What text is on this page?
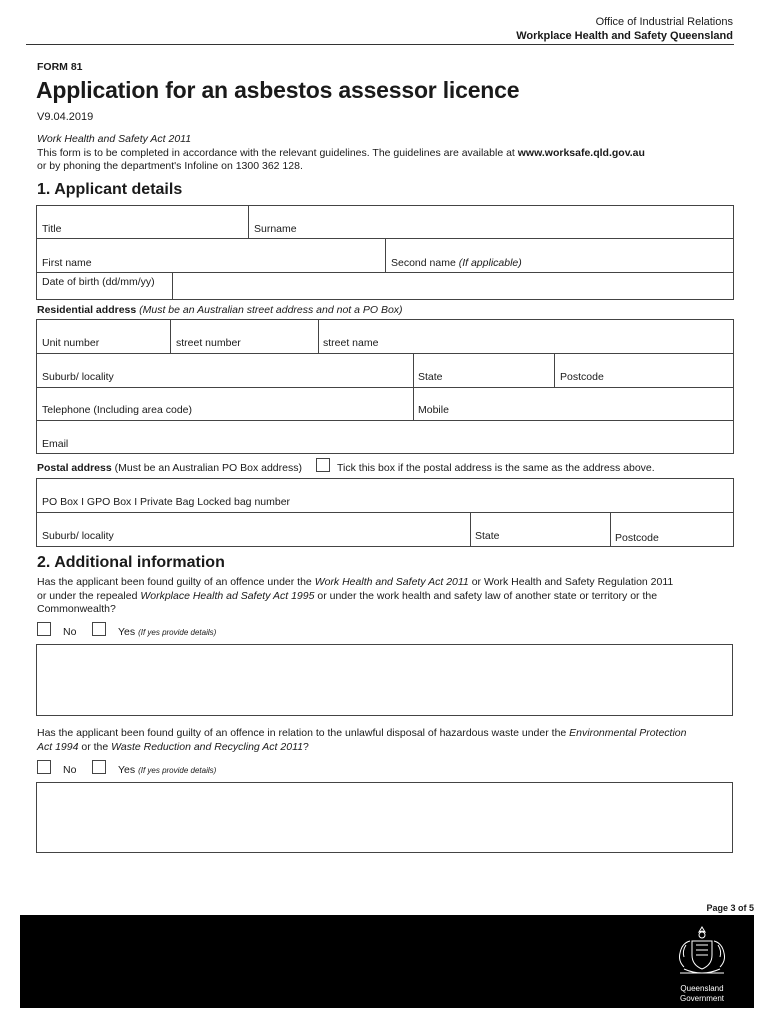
Office of Industrial Relations
Workplace Health and Safety Queensland
FORM 81
Application for an asbestos assessor licence
V9.04.2019
Work Health and Safety Act 2011
This form is to be completed in accordance with the relevant guidelines. The guidelines are available at www.worksafe.qld.gov.au
or by phoning the department's Infoline on 1300 362 128.
1. Applicant details
Title	Surname
First name	Second name (If applicable)
Date of birth (dd/mm/yy)
Residential address (Must be an Australian street address and not a PO Box)
Unit number	street number	street name
Suburb/ locality	State	Postcode
Telephone (Including area code)	Mobile
Email
Postal address (Must be an Australian PO Box address)	Tick this box if the postal address is the same as the address above.
PO Box I GPO Box I Private Bag Locked bag number
Suburb/ locality	State	Postcode
2. Additional information
Has the applicant been found guilty of an offence under the Work Health and Safety Act 2011 or Work Health and Safety Regulation 2011
or under the repealed Workplace Health ad Safety Act 1995 or under the work health and safety law of another state or territory or the
Commonwealth?
No	Yes (If yes provide details)
Has the applicant been found guilty of an offence in relation to the unlawful disposal of hazardous waste under the Environmental Protection
Act 1994 or the Waste Reduction and Recycling Act 2011?
No	Yes (If yes provide details)
Page 3 of 5
Queensland
Government
